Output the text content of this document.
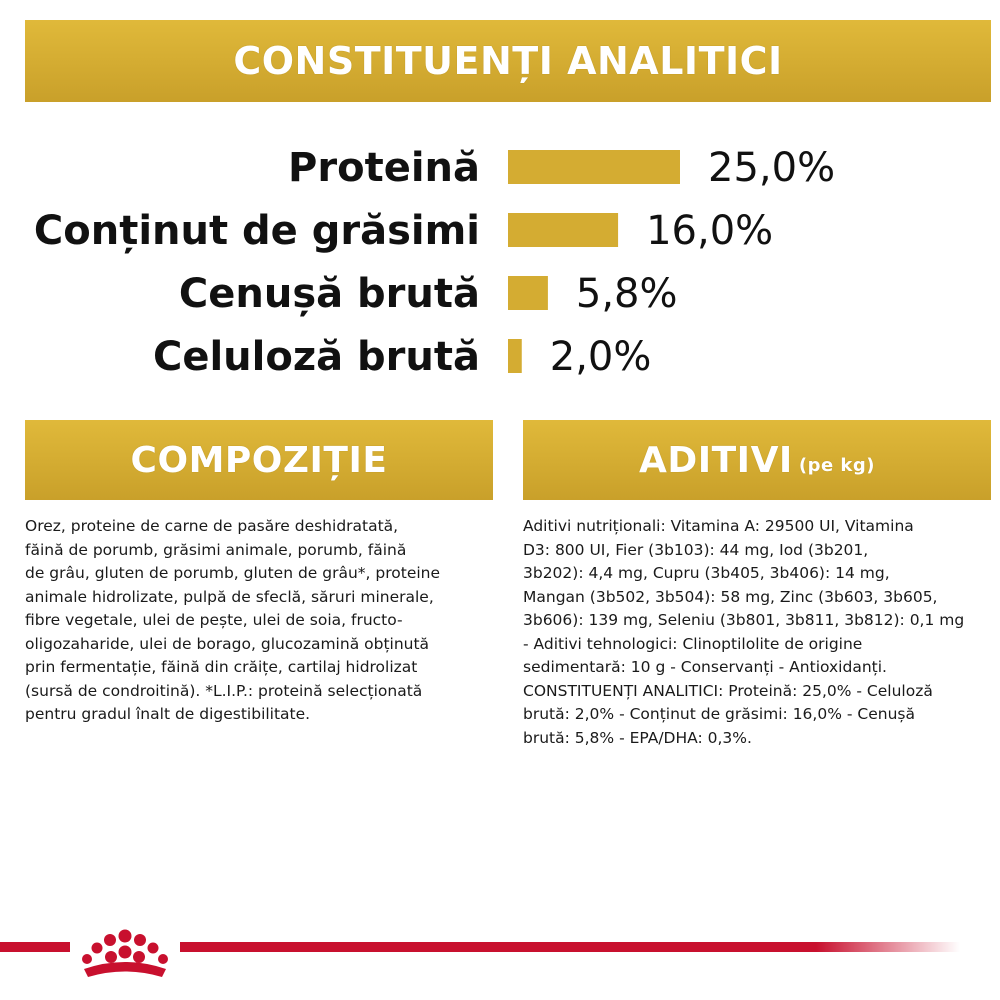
CONSTITUENȚI ANALITICI
Proteină	25,0%
Conținut de grăsimi	16,0%
Cenușă brută 5,8%
Celuloză brută 2,0%
COMPOZIȚIE

Orez, proteine de carne de pasăre deshidratată,
făină de porumb, grăsimi animale, porumb, făină
de grâu, gluten de porumb, gluten de grâu*, proteine
animale hidrolizate, pulpă de sfeclă, săruri minerale,
fibre vegetale, ulei de pește, ulei de soia, fructo-
oligozaharide, ulei de borago, glucozamină obținută
prin fermentație, făină din crăițe, cartilaj hidrolizat
(sursă de condroitină). *L.I.P.: proteină selecționată
pentru gradul înalt de digestibilitate.

ADITIVI (pe kg)

Aditivi nutriționali: Vitamina A: 29500 UI, Vitamina
D3: 800 UI, Fier (3b103): 44 mg, Iod (3b201,
3b202): 4,4 mg, Cupru (3b405, 3b406): 14 mg,
Mangan (3b502, 3b504): 58 mg, Zinc (3b603, 3b605,
3b606): 139 mg, Seleniu (3b801, 3b811, 3b812): 0,1 mg
- Aditivi tehnologici: Clinoptilolite de origine
sedimentară: 10 g - Conservanți - Antioxidanți.
CONSTITUENȚI ANALITICI: Proteină: 25,0% - Celuloză
brută: 2,0% - Conținut de grăsimi: 16,0% - Cenușă
brută: 5,8% - EPA/DHA: 0,3%.
